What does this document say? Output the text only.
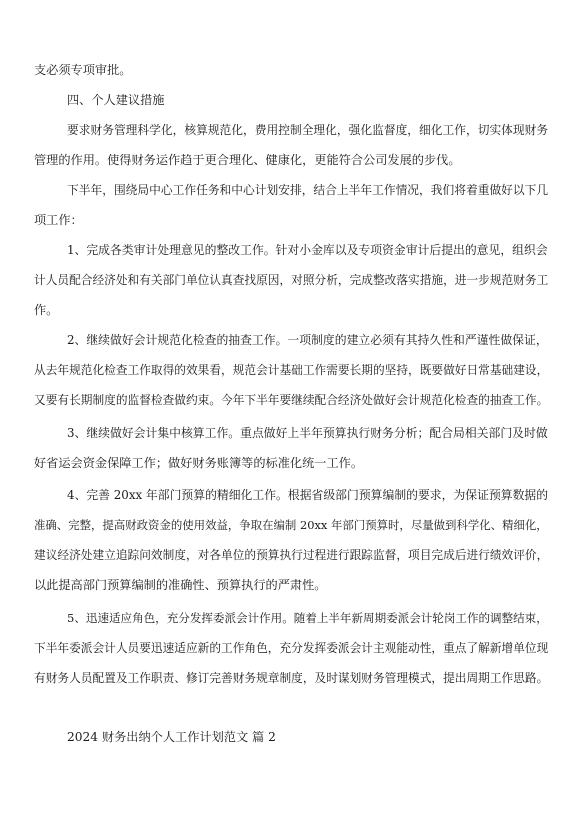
支必须专项审批。
四、个人建议措施
要求财务管理科学化，核算规范化，费用控制全理化，强化监督度，细化工作，切实体现财务
管理的作用。使得财务运作趋于更合理化、健康化，更能符合公司发展的步伐。
下半年，围绕局中心工作任务和中心计划安排，结合上半年工作情况，我们将着重做好以下几
项工作：
1、完成各类审计处理意见的整改工作。针对小金库以及专项资金审计后提出的意见，组织会
计人员配合经济处和有关部门单位认真查找原因，对照分析，完成整改落实措施，进一步规范财务工
作。
2、继续做好会计规范化检查的抽查工作。一项制度的建立必须有其持久性和严谨性做保证，
从去年规范化检查工作取得的效果看，规范会计基础工作需要长期的坚持，既要做好日常基础建设，
又要有长期制度的监督检查做约束。今年下半年要继续配合经济处做好会计规范化检查的抽查工作。
3、继续做好会计集中核算工作。重点做好上半年预算执行财务分析；配合局相关部门及时做
好省运会资金保障工作；做好财务账簿等的标准化统一工作。
4、完善 20xx 年部门预算的精细化工作。根据省级部门预算编制的要求，为保证预算数据的
准确、完整，提高财政资金的使用效益，争取在编制 20xx 年部门预算时，尽量做到科学化、精细化，
建议经济处建立追踪问效制度，对各单位的预算执行过程进行跟踪监督，项目完成后进行绩效评价，
以此提高部门预算编制的准确性、预算执行的严肃性。
5、迅速适应角色，充分发挥委派会计作用。随着上半年新周期委派会计轮岗工作的调整结束，
下半年委派会计人员要迅速适应新的工作角色，充分发挥委派会计主观能动性，重点了解新增单位现
有财务人员配置及工作职责、修订完善财务规章制度，及时谋划财务管理模式，提出周期工作思路。
2024 财务出纳个人工作计划范文 篇 2
